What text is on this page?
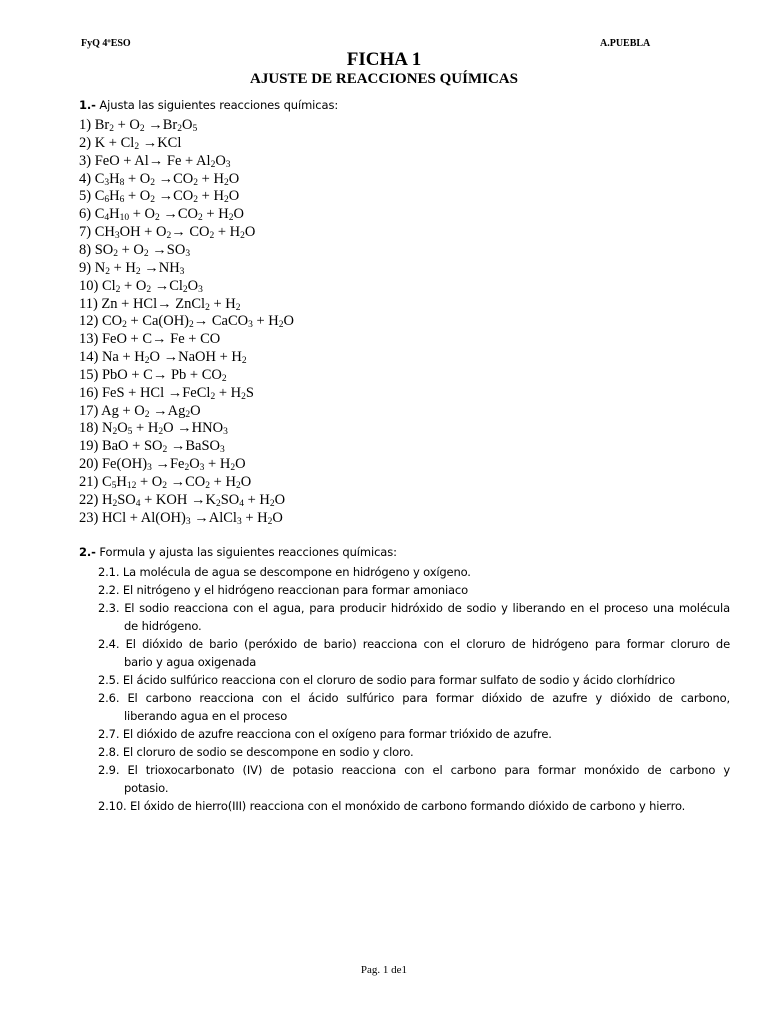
FyQ 4ºESO	A.PUEBLA
FICHA 1
AJUSTE DE REACCIONES QUÍMICAS
1.- Ajusta las siguientes reacciones químicas:
1) $Br_2 + O_2 \to Br_2O_5$
2) $K + Cl_2 \to KCl$
3) FeO + $Al\to Fe + Al_2O_3$
4) $C_3H_8 + O_2 \to CO_2 + H_2O$
5) $C_6H_6 + O_2 \to CO_2 + H_2O$
6) $C_4H_{10} + O_2 \to CO_2 + H_2O$
7) $CH_3OH + O_2\to CO_2 + H_2O$
8) $SO_2 + O_2 \to SO_3$
9) $N_2 + H_2 \to NH_3$
10) $Cl_2 + O_2 \to Cl_2O_3$
11) Zn + HCl→ ZnCl$_2$ + $H_2$
12) $CO_2 + Ca(OH)_2\to$ CaCO$_3$ + $H_2O$
13) FeO + C→ Fe + CO
14) $Na + H_2O$ →NaOH + $H_2$
15) PbO + $C\to Pb + CO_2$
16) FeS + HCl →FeCl$_2$ + $H_2S$
17) $Ag + O_2 \to Ag_2O$
18) $N_2O_5 + H_2O \to HNO_3$
19) BaO + $SO_2$ →BaSO$_3$
20) $Fe(OH)_3 \to Fe_2O_3 + H_2O$
21) $C_5H_{12} + O_2 \to CO_2 + H_2O$
22) $H_2SO_4$ + KOH $\to K_2SO_4 + H_2O$
23) HCl + $Al(OH)_3$ →AlCl$_3$ + $H_2O$
2.- Formula y ajusta las siguientes reacciones químicas:
2.1. La molécula de agua se descompone en hidrógeno y oxígeno.
2.2. El nitrógeno y el hidrógeno reaccionan para formar amoniaco
2.3. El sodio reacciona con el agua, para producir hidróxido de sodio y liberando en el proceso una molécula
de hidrógeno.
2.4. El dióxido de bario (peróxido de bario) reacciona con el cloruro de hidrógeno para formar cloruro de
bario y agua oxigenada
2.5. El ácido sulfúrico reacciona con el cloruro de sodio para formar sulfato de sodio y ácido clorhídrico
2.6. El carbono reacciona con el ácido sulfúrico para formar dióxido de azufre y dióxido de carbono,
liberando agua en el proceso
2.7. El dióxido de azufre reacciona con el oxígeno para formar trióxido de azufre.
2.8. El cloruro de sodio se descompone en sodio y cloro.
2.9. El trioxocarbonato (IV) de potasio reacciona con el carbono para formar monóxido de carbono y
potasio.
2.10. El óxido de hierro(III) reacciona con el monóxido de carbono formando dióxido de carbono y hierro.
Pag. 1 de1
